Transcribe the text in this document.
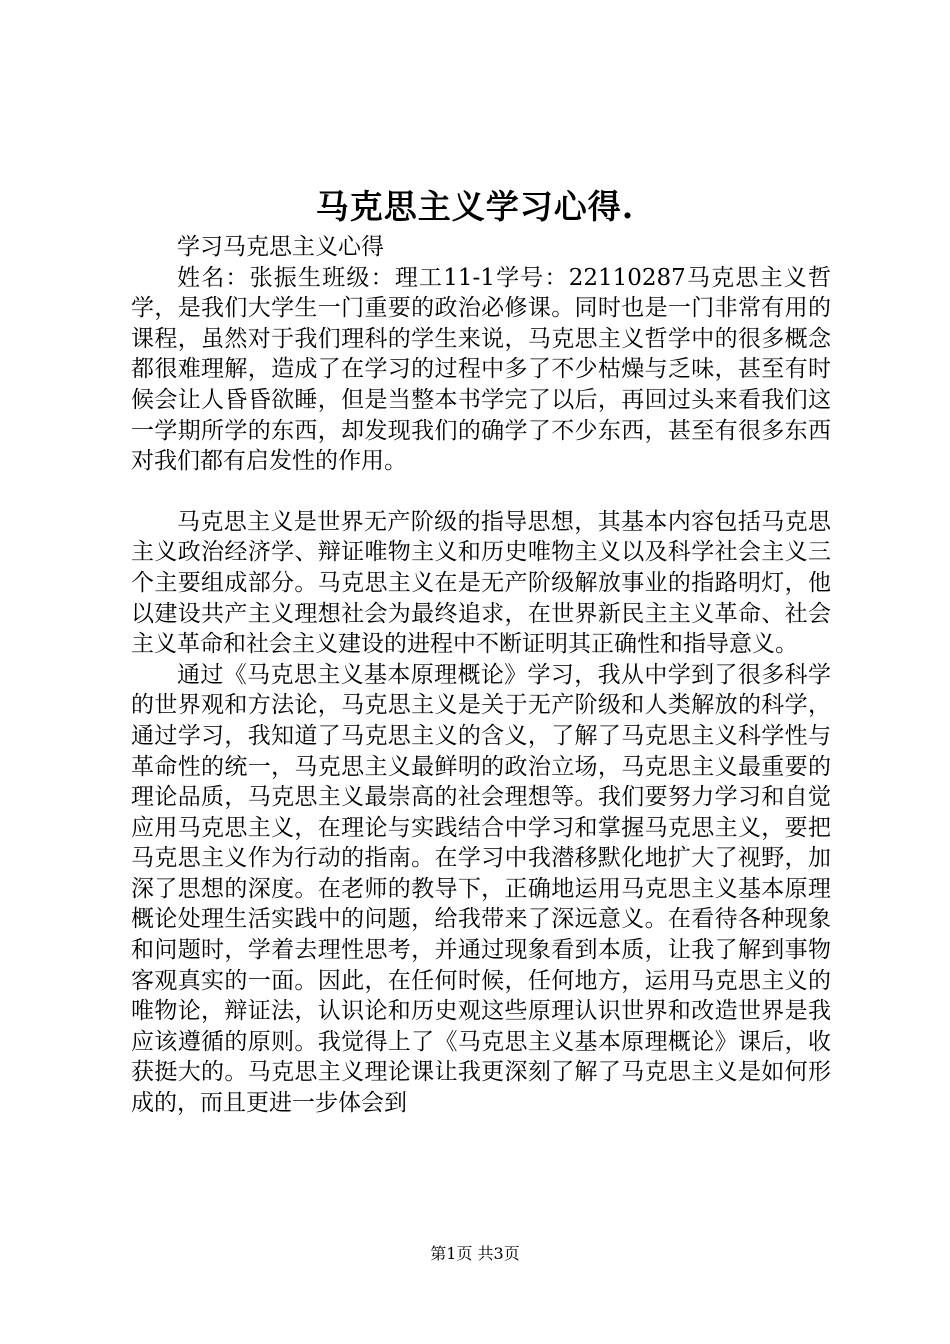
马克思主义学习心得.

学习马克思主义心得

姓名：张振生班级：理工11-1学号：22110287马克思主义哲学，是我们大学生一门重要的政治必修课。同时也是一门非常有用的课程，虽然对于我们理科的学生来说，马克思主义哲学中的很多概念都很难理解，造成了在学习的过程中多了不少枯燥与乏味，甚至有时候会让人昏昏欲睡，但是当整本书学完了以后，再回过头来看我们这一学期所学的东西，却发现我们的确学了不少东西，甚至有很多东西对我们都有启发性的作用。

马克思主义是世界无产阶级的指导思想，其基本内容包括马克思主义政治经济学、辩证唯物主义和历史唯物主义以及科学社会主义三个主要组成部分。马克思主义在是无产阶级解放事业的指路明灯，他以建设共产主义理想社会为最终追求，在世界新民主主义革命、社会主义革命和社会主义建设的进程中不断证明其正确性和指导意义。

通过《马克思主义基本原理概论》学习，我从中学到了很多科学的世界观和方法论，马克思主义是关于无产阶级和人类解放的科学，通过学习，我知道了马克思主义的含义，了解了马克思主义科学性与革命性的统一，马克思主义最鲜明的政治立场，马克思主义最重要的理论品质，马克思主义最崇高的社会理想等。我们要努力学习和自觉应用马克思主义，在理论与实践结合中学习和掌握马克思主义，要把马克思主义作为行动的指南。在学习中我潜移默化地扩大了视野，加深了思想的深度。在老师的教导下，正确地运用马克思主义基本原理概论处理生活实践中的问题，给我带来了深远意义。在看待各种现象和问题时，学着去理性思考，并通过现象看到本质，让我了解到事物客观真实的一面。因此，在任何时候，任何地方，运用马克思主义的唯物论，辩证法，认识论和历史观这些原理认识世界和改造世界是我应该遵循的原则。我觉得上了《马克思主义基本原理概论》课后，收获挺大的。马克思主义理论课让我更深刻了解了马克思主义是如何形成的，而且更进一步体会到

第1页 共3页
